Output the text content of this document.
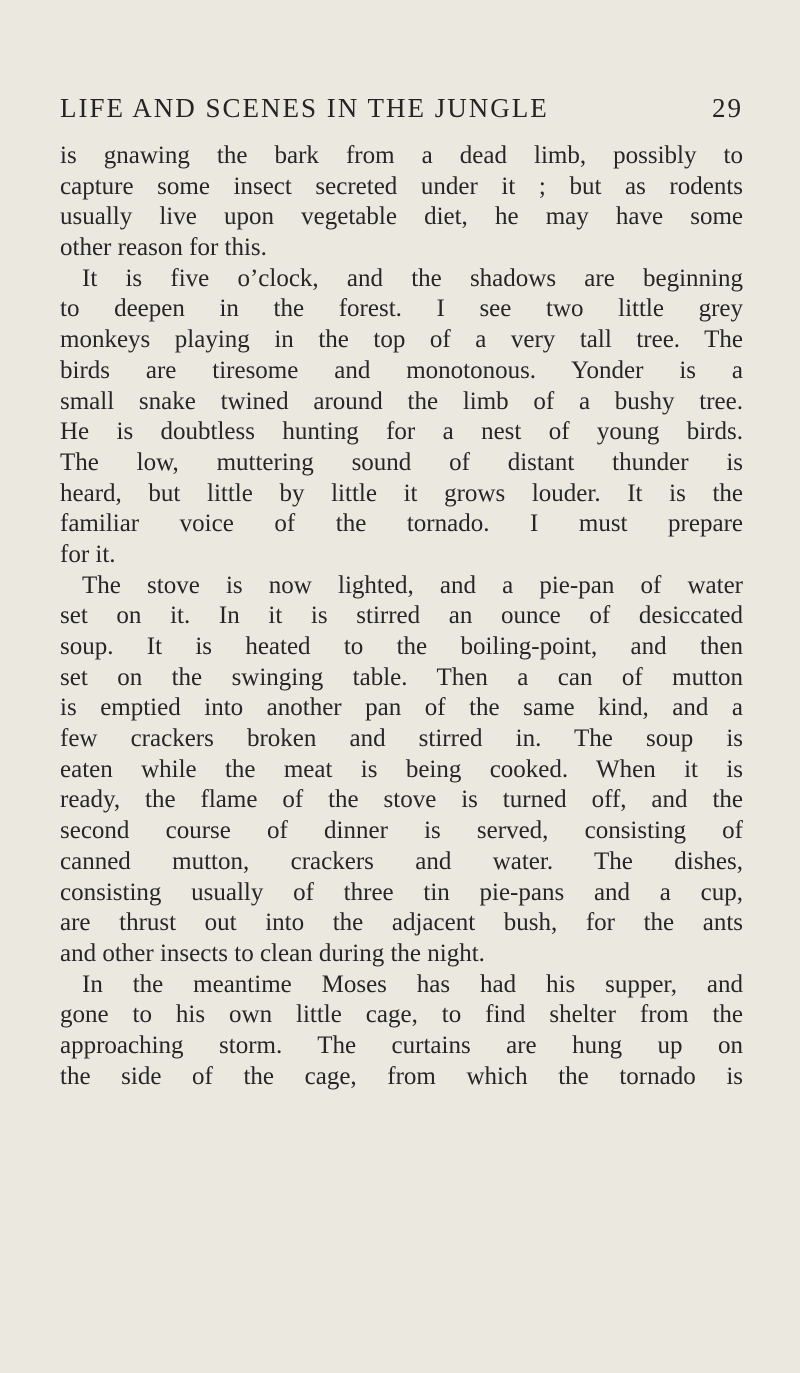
LIFE AND SCENES IN THE JUNGLE	29
is gnawing the bark from a dead limb, possibly to
capture some insect secreted under it ; but as rodents
usually live upon vegetable diet, he may have some
other reason for this.
It is five o’clock, and the shadows are beginning
to deepen in the forest. I see two little grey
monkeys playing in the top of a very tall tree. The
birds are tiresome and monotonous. Yonder is a
small snake twined around the limb of a bushy tree.
He is doubtless hunting for a nest of young birds.
The low, muttering sound of distant thunder is
heard, but little by little it grows louder. It is the
familiar voice of the tornado. I must prepare
for it.
The stove is now lighted, and a pie-pan of water
set on it. In it is stirred an ounce of desiccated
soup. It is heated to the boiling-point, and then
set on the swinging table. Then a can of mutton
is emptied into another pan of the same kind, and a
few crackers broken and stirred in. The soup is
eaten while the meat is being cooked. When it is
ready, the flame of the stove is turned off, and the
second course of dinner is served, consisting of
canned mutton, crackers and water. The dishes,
consisting usually of three tin pie-pans and a cup,
are thrust out into the adjacent bush, for the ants
and other insects to clean during the night.
In the meantime Moses has had his supper, and
gone to his own little cage, to find shelter from the
approaching storm. The curtains are hung up on
the side of the cage, from which the tornado is
